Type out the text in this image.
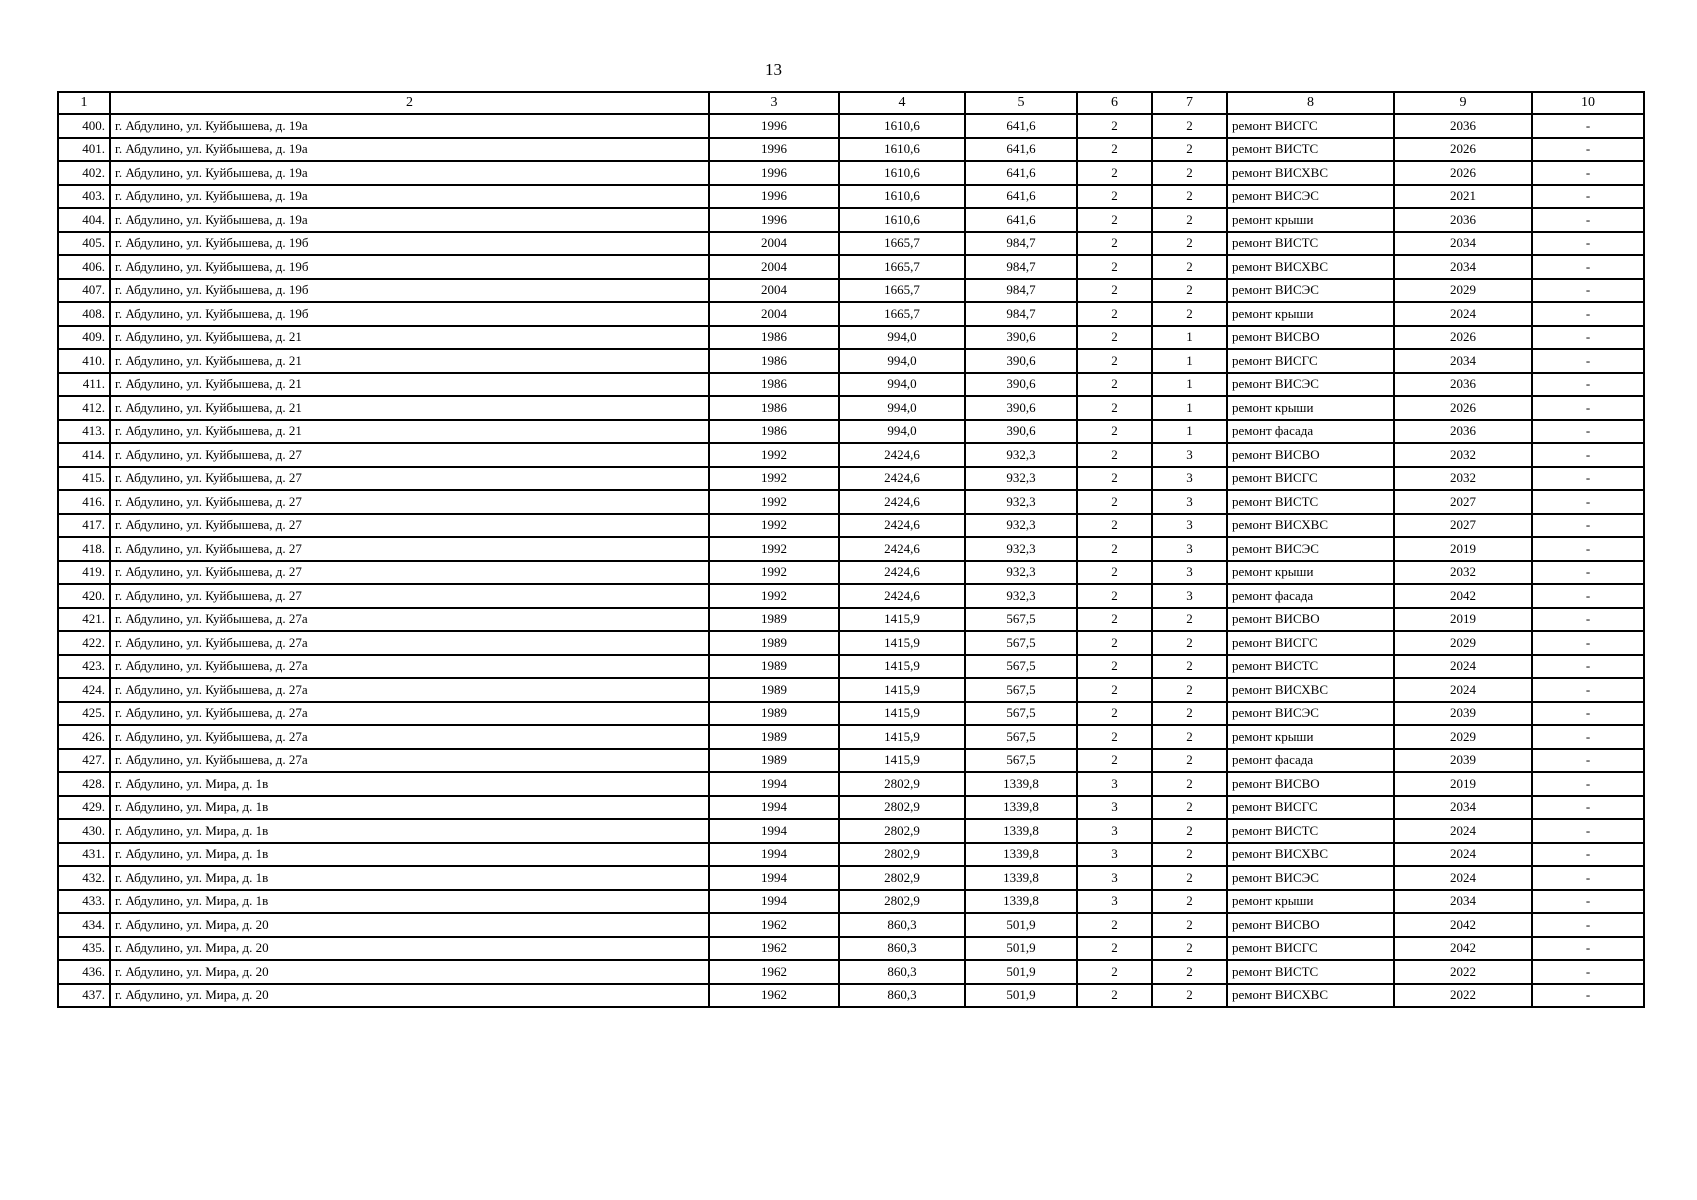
13
1	2	3	4	5	6	7	8	9	10
400.	г. Абдулино, ул. Куйбышева, д. 19а	1996	1610,6	641,6	2	2	ремонт ВИСГС	2036	-
401.	г. Абдулино, ул. Куйбышева, д. 19а	1996	1610,6	641,6	2	2	ремонт ВИСТС	2026	-
402.	г. Абдулино, ул. Куйбышева, д. 19а	1996	1610,6	641,6	2	2	ремонт ВИСХВС	2026	-
403.	г. Абдулино, ул. Куйбышева, д. 19а	1996	1610,6	641,6	2	2	ремонт ВИСЭС	2021	-
404.	г. Абдулино, ул. Куйбышева, д. 19а	1996	1610,6	641,6	2	2	ремонт крыши	2036	-
405.	г. Абдулино, ул. Куйбышева, д. 19б	2004	1665,7	984,7	2	2	ремонт ВИСТС	2034	-
406.	г. Абдулино, ул. Куйбышева, д. 19б	2004	1665,7	984,7	2	2	ремонт ВИСХВС	2034	-
407.	г. Абдулино, ул. Куйбышева, д. 19б	2004	1665,7	984,7	2	2	ремонт ВИСЭС	2029	-
408.	г. Абдулино, ул. Куйбышева, д. 19б	2004	1665,7	984,7	2	2	ремонт крыши	2024	-
409.	г. Абдулино, ул. Куйбышева, д. 21	1986	994,0	390,6	2	1	ремонт ВИСВО	2026	-
410.	г. Абдулино, ул. Куйбышева, д. 21	1986	994,0	390,6	2	1	ремонт ВИСГС	2034	-
411.	г. Абдулино, ул. Куйбышева, д. 21	1986	994,0	390,6	2	1	ремонт ВИСЭС	2036	-
412.	г. Абдулино, ул. Куйбышева, д. 21	1986	994,0	390,6	2	1	ремонт крыши	2026	-
413.	г. Абдулино, ул. Куйбышева, д. 21	1986	994,0	390,6	2	1	ремонт фасада	2036	-
414.	г. Абдулино, ул. Куйбышева, д. 27	1992	2424,6	932,3	2	3	ремонт ВИСВО	2032	-
415.	г. Абдулино, ул. Куйбышева, д. 27	1992	2424,6	932,3	2	3	ремонт ВИСГС	2032	-
416.	г. Абдулино, ул. Куйбышева, д. 27	1992	2424,6	932,3	2	3	ремонт ВИСТС	2027	-
417.	г. Абдулино, ул. Куйбышева, д. 27	1992	2424,6	932,3	2	3	ремонт ВИСХВС	2027	-
418.	г. Абдулино, ул. Куйбышева, д. 27	1992	2424,6	932,3	2	3	ремонт ВИСЭС	2019	-
419.	г. Абдулино, ул. Куйбышева, д. 27	1992	2424,6	932,3	2	3	ремонт крыши	2032	-
420.	г. Абдулино, ул. Куйбышева, д. 27	1992	2424,6	932,3	2	3	ремонт фасада	2042	-
421.	г. Абдулино, ул. Куйбышева, д. 27а	1989	1415,9	567,5	2	2	ремонт ВИСВО	2019	-
422.	г. Абдулино, ул. Куйбышева, д. 27а	1989	1415,9	567,5	2	2	ремонт ВИСГС	2029	-
423.	г. Абдулино, ул. Куйбышева, д. 27а	1989	1415,9	567,5	2	2	ремонт ВИСТС	2024	-
424.	г. Абдулино, ул. Куйбышева, д. 27а	1989	1415,9	567,5	2	2	ремонт ВИСХВС	2024	-
425.	г. Абдулино, ул. Куйбышева, д. 27а	1989	1415,9	567,5	2	2	ремонт ВИСЭС	2039	-
426.	г. Абдулино, ул. Куйбышева, д. 27а	1989	1415,9	567,5	2	2	ремонт крыши	2029	-
427.	г. Абдулино, ул. Куйбышева, д. 27а	1989	1415,9	567,5	2	2	ремонт фасада	2039	-
428.	г. Абдулино, ул. Мира, д. 1в	1994	2802,9	1339,8	3	2	ремонт ВИСВО	2019	-
429.	г. Абдулино, ул. Мира, д. 1в	1994	2802,9	1339,8	3	2	ремонт ВИСГС	2034	-
430.	г. Абдулино, ул. Мира, д. 1в	1994	2802,9	1339,8	3	2	ремонт ВИСТС	2024	-
431.	г. Абдулино, ул. Мира, д. 1в	1994	2802,9	1339,8	3	2	ремонт ВИСХВС	2024	-
432.	г. Абдулино, ул. Мира, д. 1в	1994	2802,9	1339,8	3	2	ремонт ВИСЭС	2024	-
433.	г. Абдулино, ул. Мира, д. 1в	1994	2802,9	1339,8	3	2	ремонт крыши	2034	-
434.	г. Абдулино, ул. Мира, д. 20	1962	860,3	501,9	2	2	ремонт ВИСВО	2042	-
435.	г. Абдулино, ул. Мира, д. 20	1962	860,3	501,9	2	2	ремонт ВИСГС	2042	-
436.	г. Абдулино, ул. Мира, д. 20	1962	860,3	501,9	2	2	ремонт ВИСТС	2022	-
437.	г. Абдулино, ул. Мира, д. 20	1962	860,3	501,9	2	2	ремонт ВИСХВС	2022	-
